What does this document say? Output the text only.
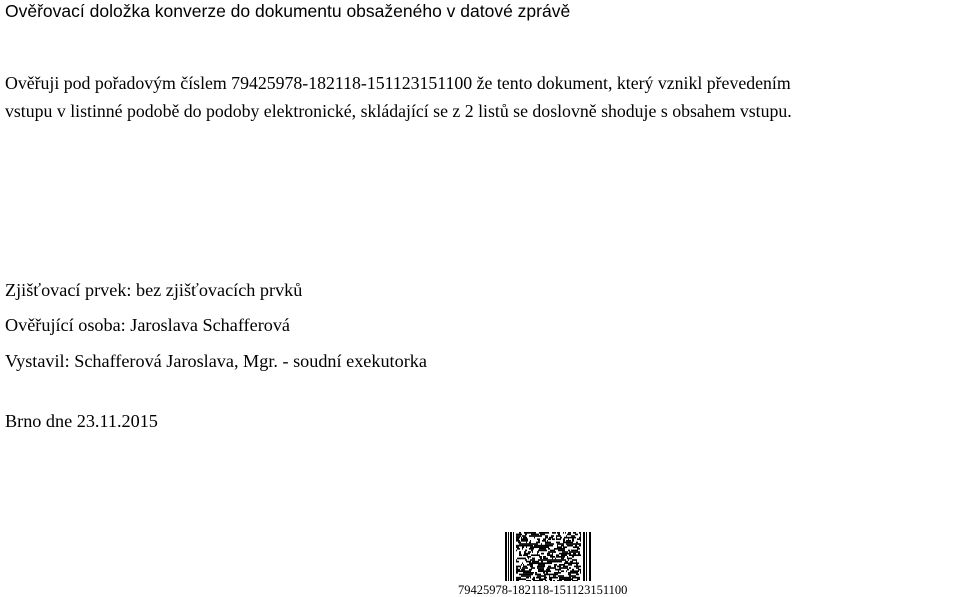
Ověřovací doložka konverze do dokumentu obsaženého v datové zprávě
Ověřuji pod pořadovým číslem 79425978-182118-151123151100 že tento dokument, který vznikl převedením
vstupu v listinné podobě do podoby elektronické, skládající se z 2 listů se doslovně shoduje s obsahem vstupu.
Zjišťovací prvek: bez zjišťovacích prvků
Ověřující osoba: Jaroslava Schafferová
Vystavil: Schafferová Jaroslava, Mgr. - soudní exekutorka
Brno dne 23.11.2015
79425978-182118-151123151100
